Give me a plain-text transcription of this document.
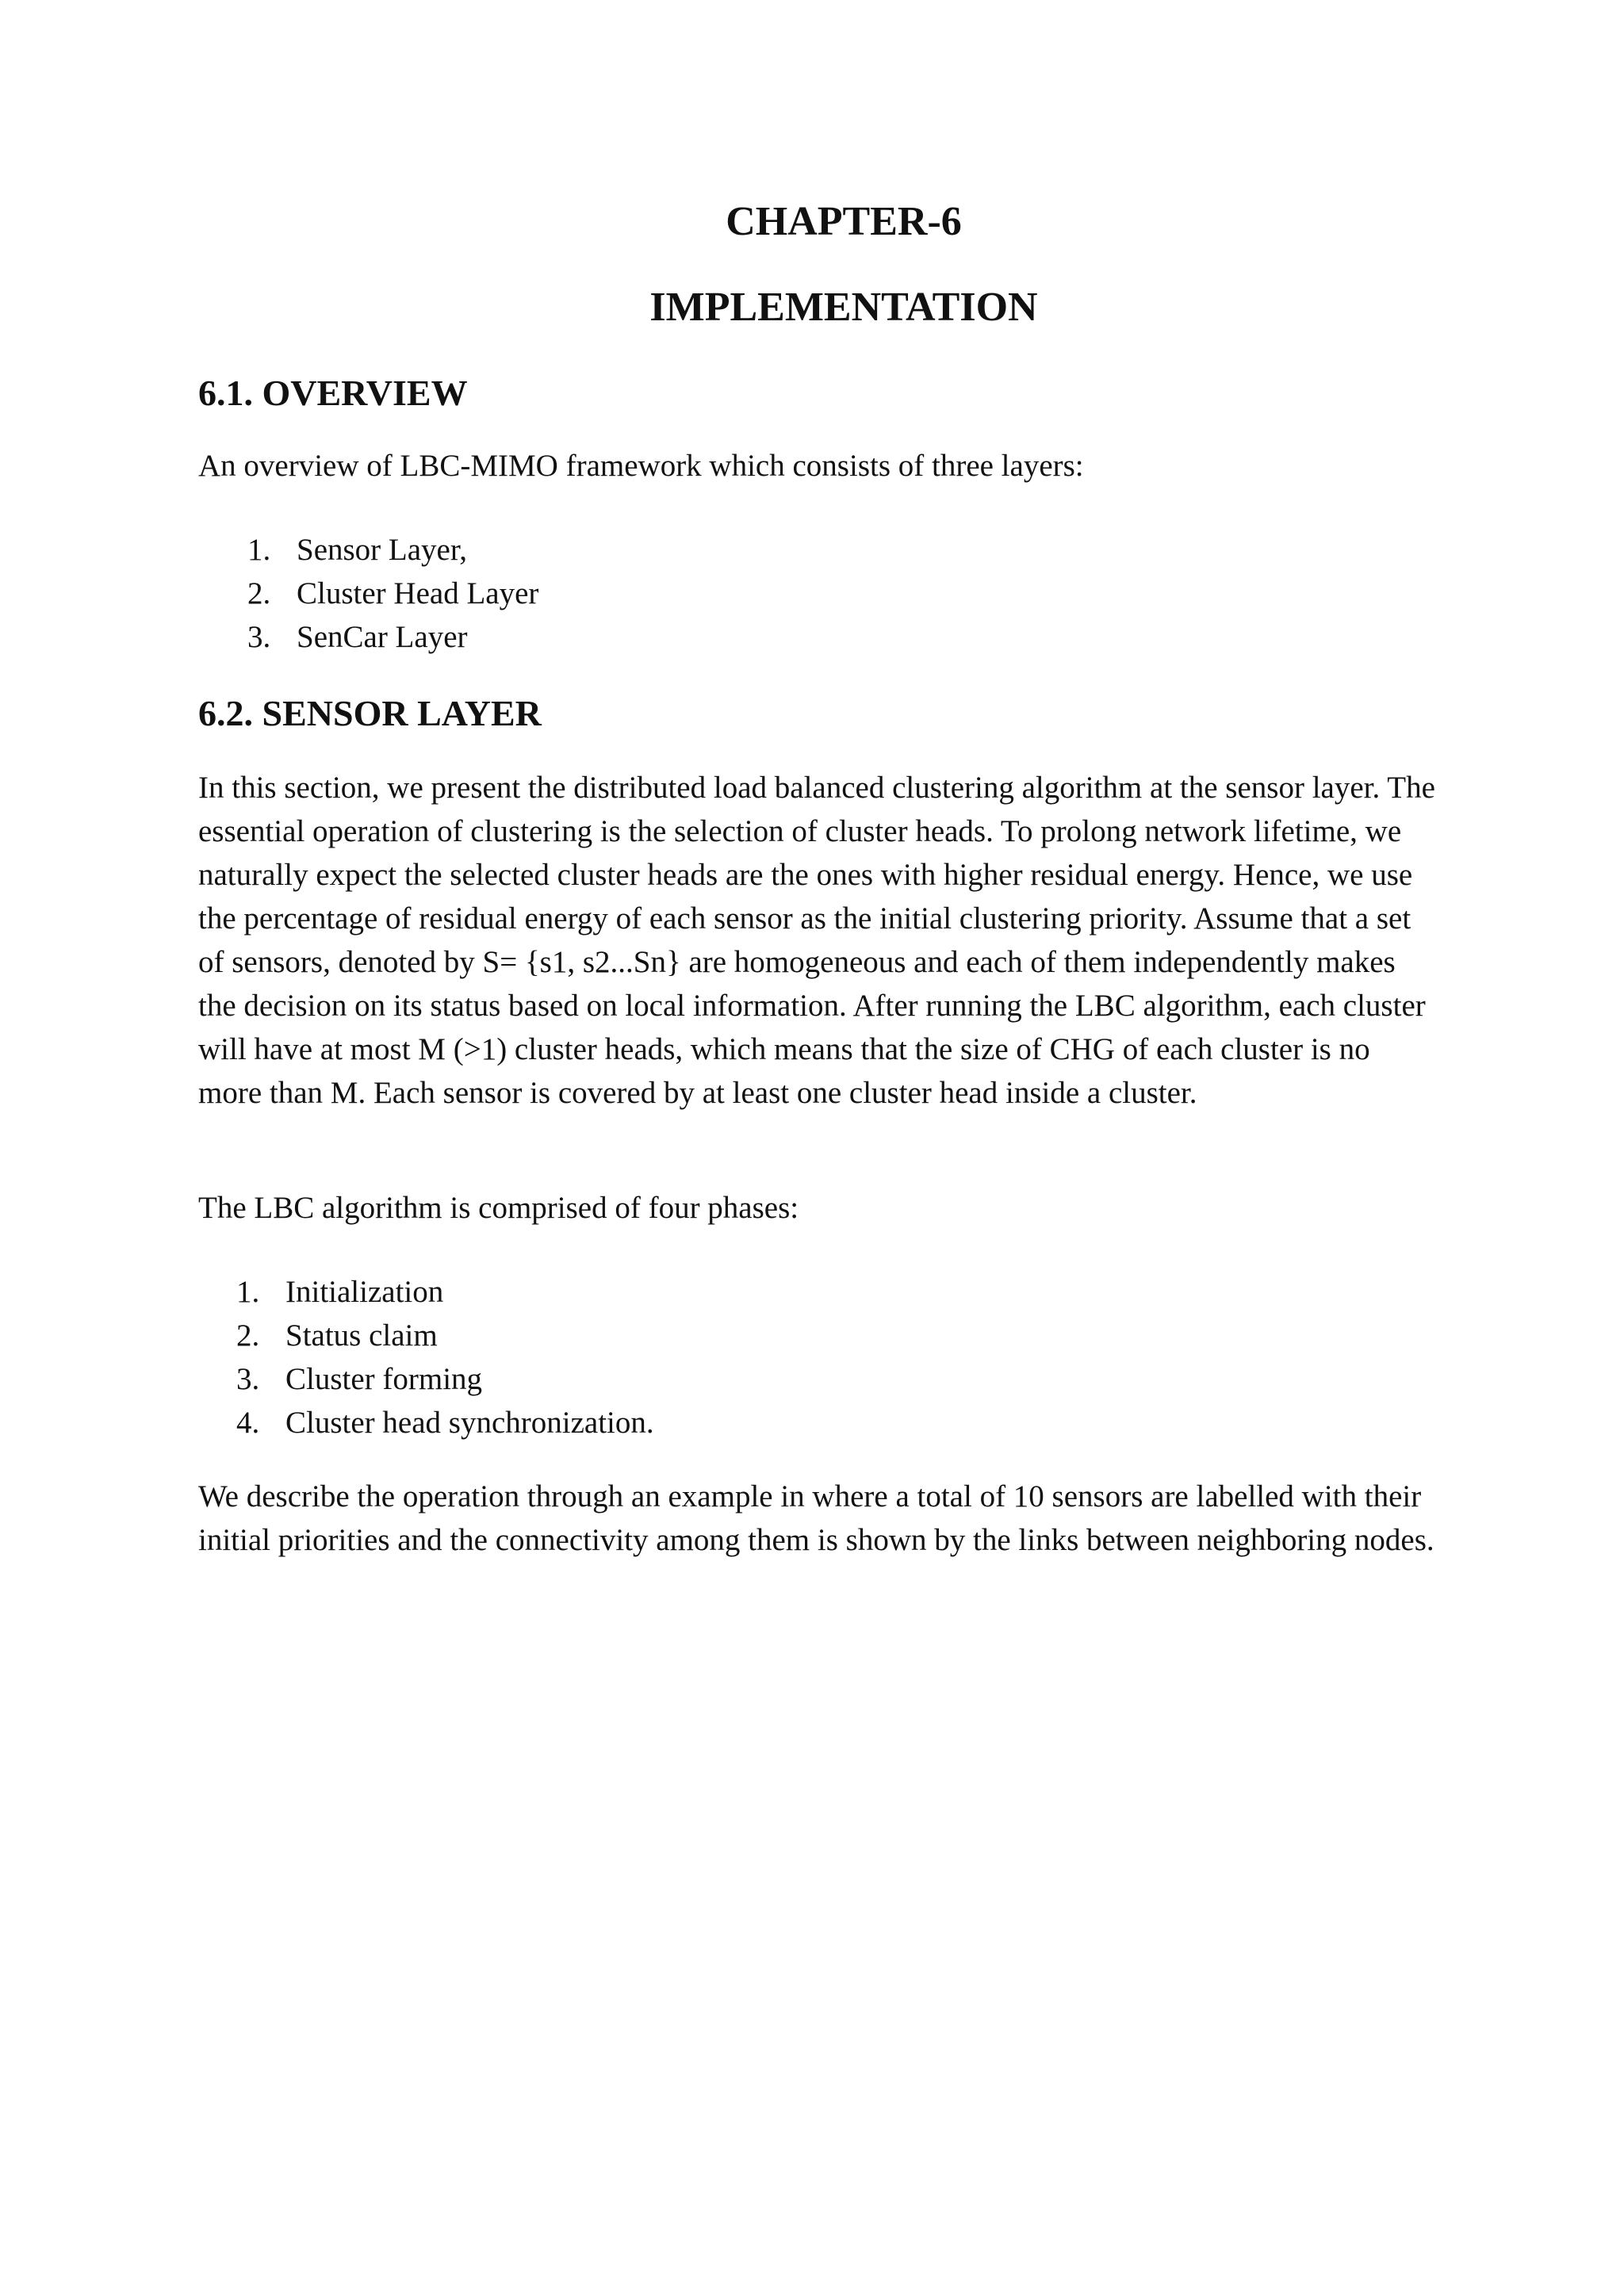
CHAPTER-6
IMPLEMENTATION
6.1. OVERVIEW

An overview of LBC-MIMO framework which consists of three layers:

1. Sensor Layer,
2. Cluster Head Layer
3. SenCar Layer
6.2. SENSOR LAYER

In this section, we present the distributed load balanced clustering algorithm at the sensor layer. The essential operation of clustering is the selection of cluster heads. To prolong network lifetime, we naturally expect the selected cluster heads are the ones with higher residual energy. Hence, we use the percentage of residual energy of each sensor as the initial clustering priority. Assume that a set of sensors, denoted by S= {s1, s2...Sn} are homogeneous and each of them independently makes the decision on its status based on local information. After running the LBC algorithm, each cluster will have at most M (>1) cluster heads, which means that the size of CHG of each cluster is no more than M. Each sensor is covered by at least one cluster head inside a cluster.

The LBC algorithm is comprised of four phases:

1. Initialization
2. Status claim
3. Cluster forming
4. Cluster head synchronization.

We describe the operation through an example in where a total of 10 sensors are labelled with their initial priorities and the connectivity among them is shown by the links between neighboring nodes.
